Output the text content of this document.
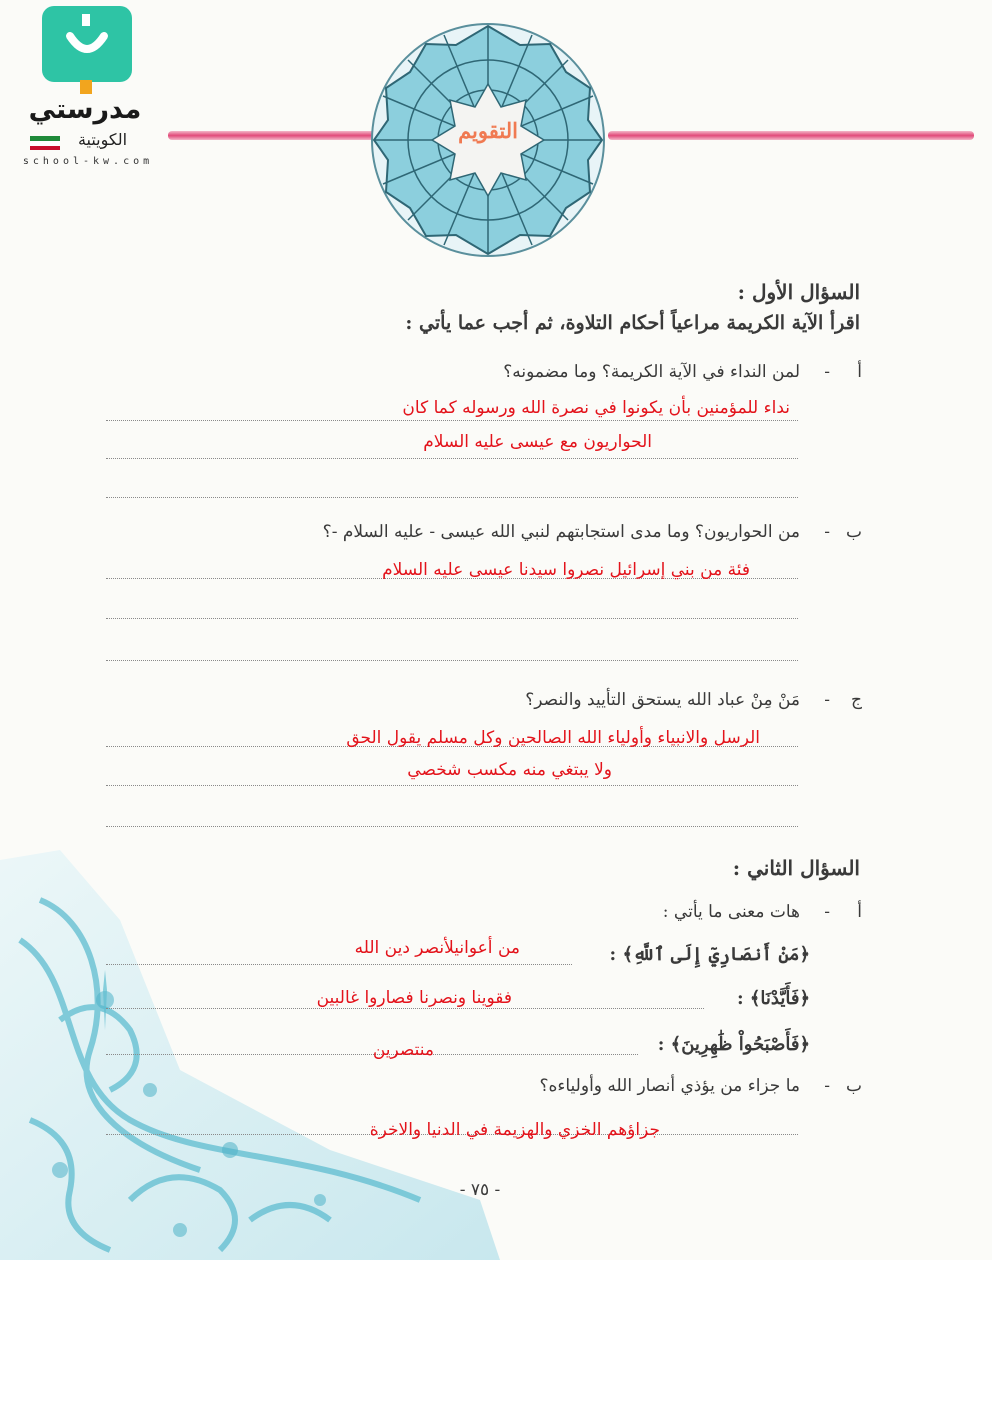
مدرستي
الكويتية
school-kw.com
التقويم
السؤال الأول :
اقرأ الآية الكريمة مراعياً أحكام التلاوة، ثم أجب عما يأتي :
أ
-
لمن النداء في الآية الكريمة؟ وما مضمونه؟
نداء للمؤمنين بأن يكونوا في نصرة الله ورسوله كما كان
الحواريون مع عيسى عليه السلام
ب
-
من الحواريون؟ وما مدى استجابتهم لنبي الله عيسى - عليه السلام -؟
فئة من بني إسرائيل نصروا سيدنا عيسى عليه السلام
ج
-
مَنْ مِنْ عباد الله يستحق التأييد والنصر؟
الرسل والانبياء وأولياء الله الصالحين وكل مسلم يقول الحق
ولا يبتغي منه مكسب شخصي
السؤال الثاني :
أ
-
هات معنى ما يأتي :
﴿مَنْ أَنصَارِيٓ إِلَى ٱللَّهِ﴾ :
من أعوانيلأنصر دين الله
﴿فَأَيَّدْنَا﴾ :
فقوينا ونصرنا فصاروا غالبين
﴿فَأَصْبَحُواْ ظَٰهِرِينَ﴾ :
منتصرين
ب
-
ما جزاء من يؤذي أنصار الله وأولياءه؟
جزاؤهم الخزي والهزيمة في الدنيا والاخرة
- ٧٥ -
